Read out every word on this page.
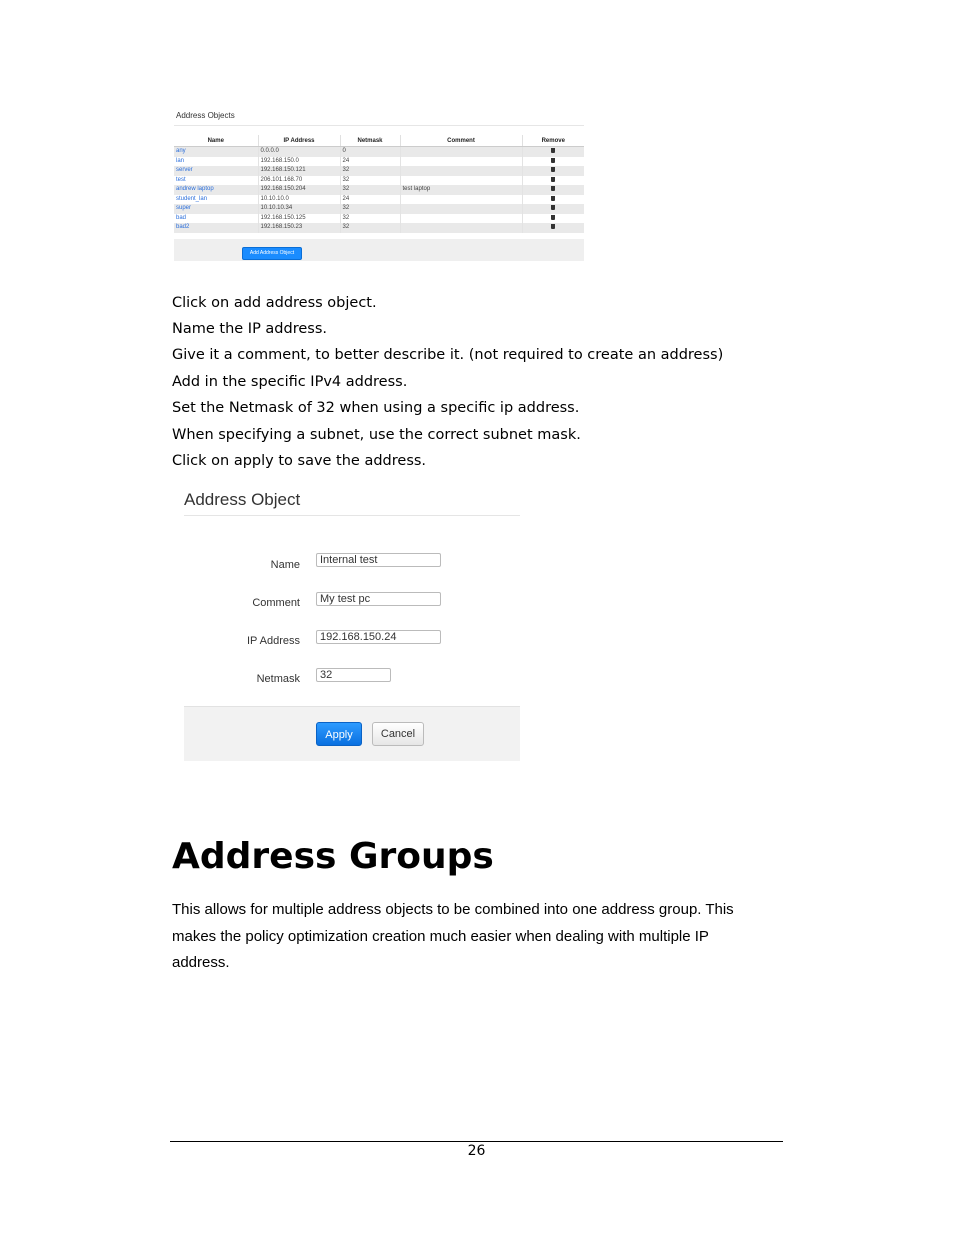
Address Objects
Name	IP Address	Netmask	Comment	Remove
any	0.0.0.0	0		
lan	192.168.150.0	24		
server	192.168.150.121	32		
test	206.101.168.70	32		
andrew laptop	192.168.150.204	32	test laptop	
student_lan	10.10.10.0	24		
super	10.10.10.34	32		
bad	192.168.150.125	32		
bad2	192.168.150.23	32		
Add Address Object

Click on add address object.

Name the IP address.

Give it a comment, to better describe it. (not required to create an address)

Add in the specific IPv4 address.

Set the Netmask of 32 when using a specific ip address.

When specifying a subnet, use the correct subnet mask.

Click on apply to save the address.

Address Object
Name	Internal test
Comment	My test pc
IP Address	192.168.150.24
Netmask	32
Apply	Cancel
Address Groups

This allows for multiple address objects to be combined into one address group. This

makes the policy optimization creation much easier when dealing with multiple IP

address.

26
